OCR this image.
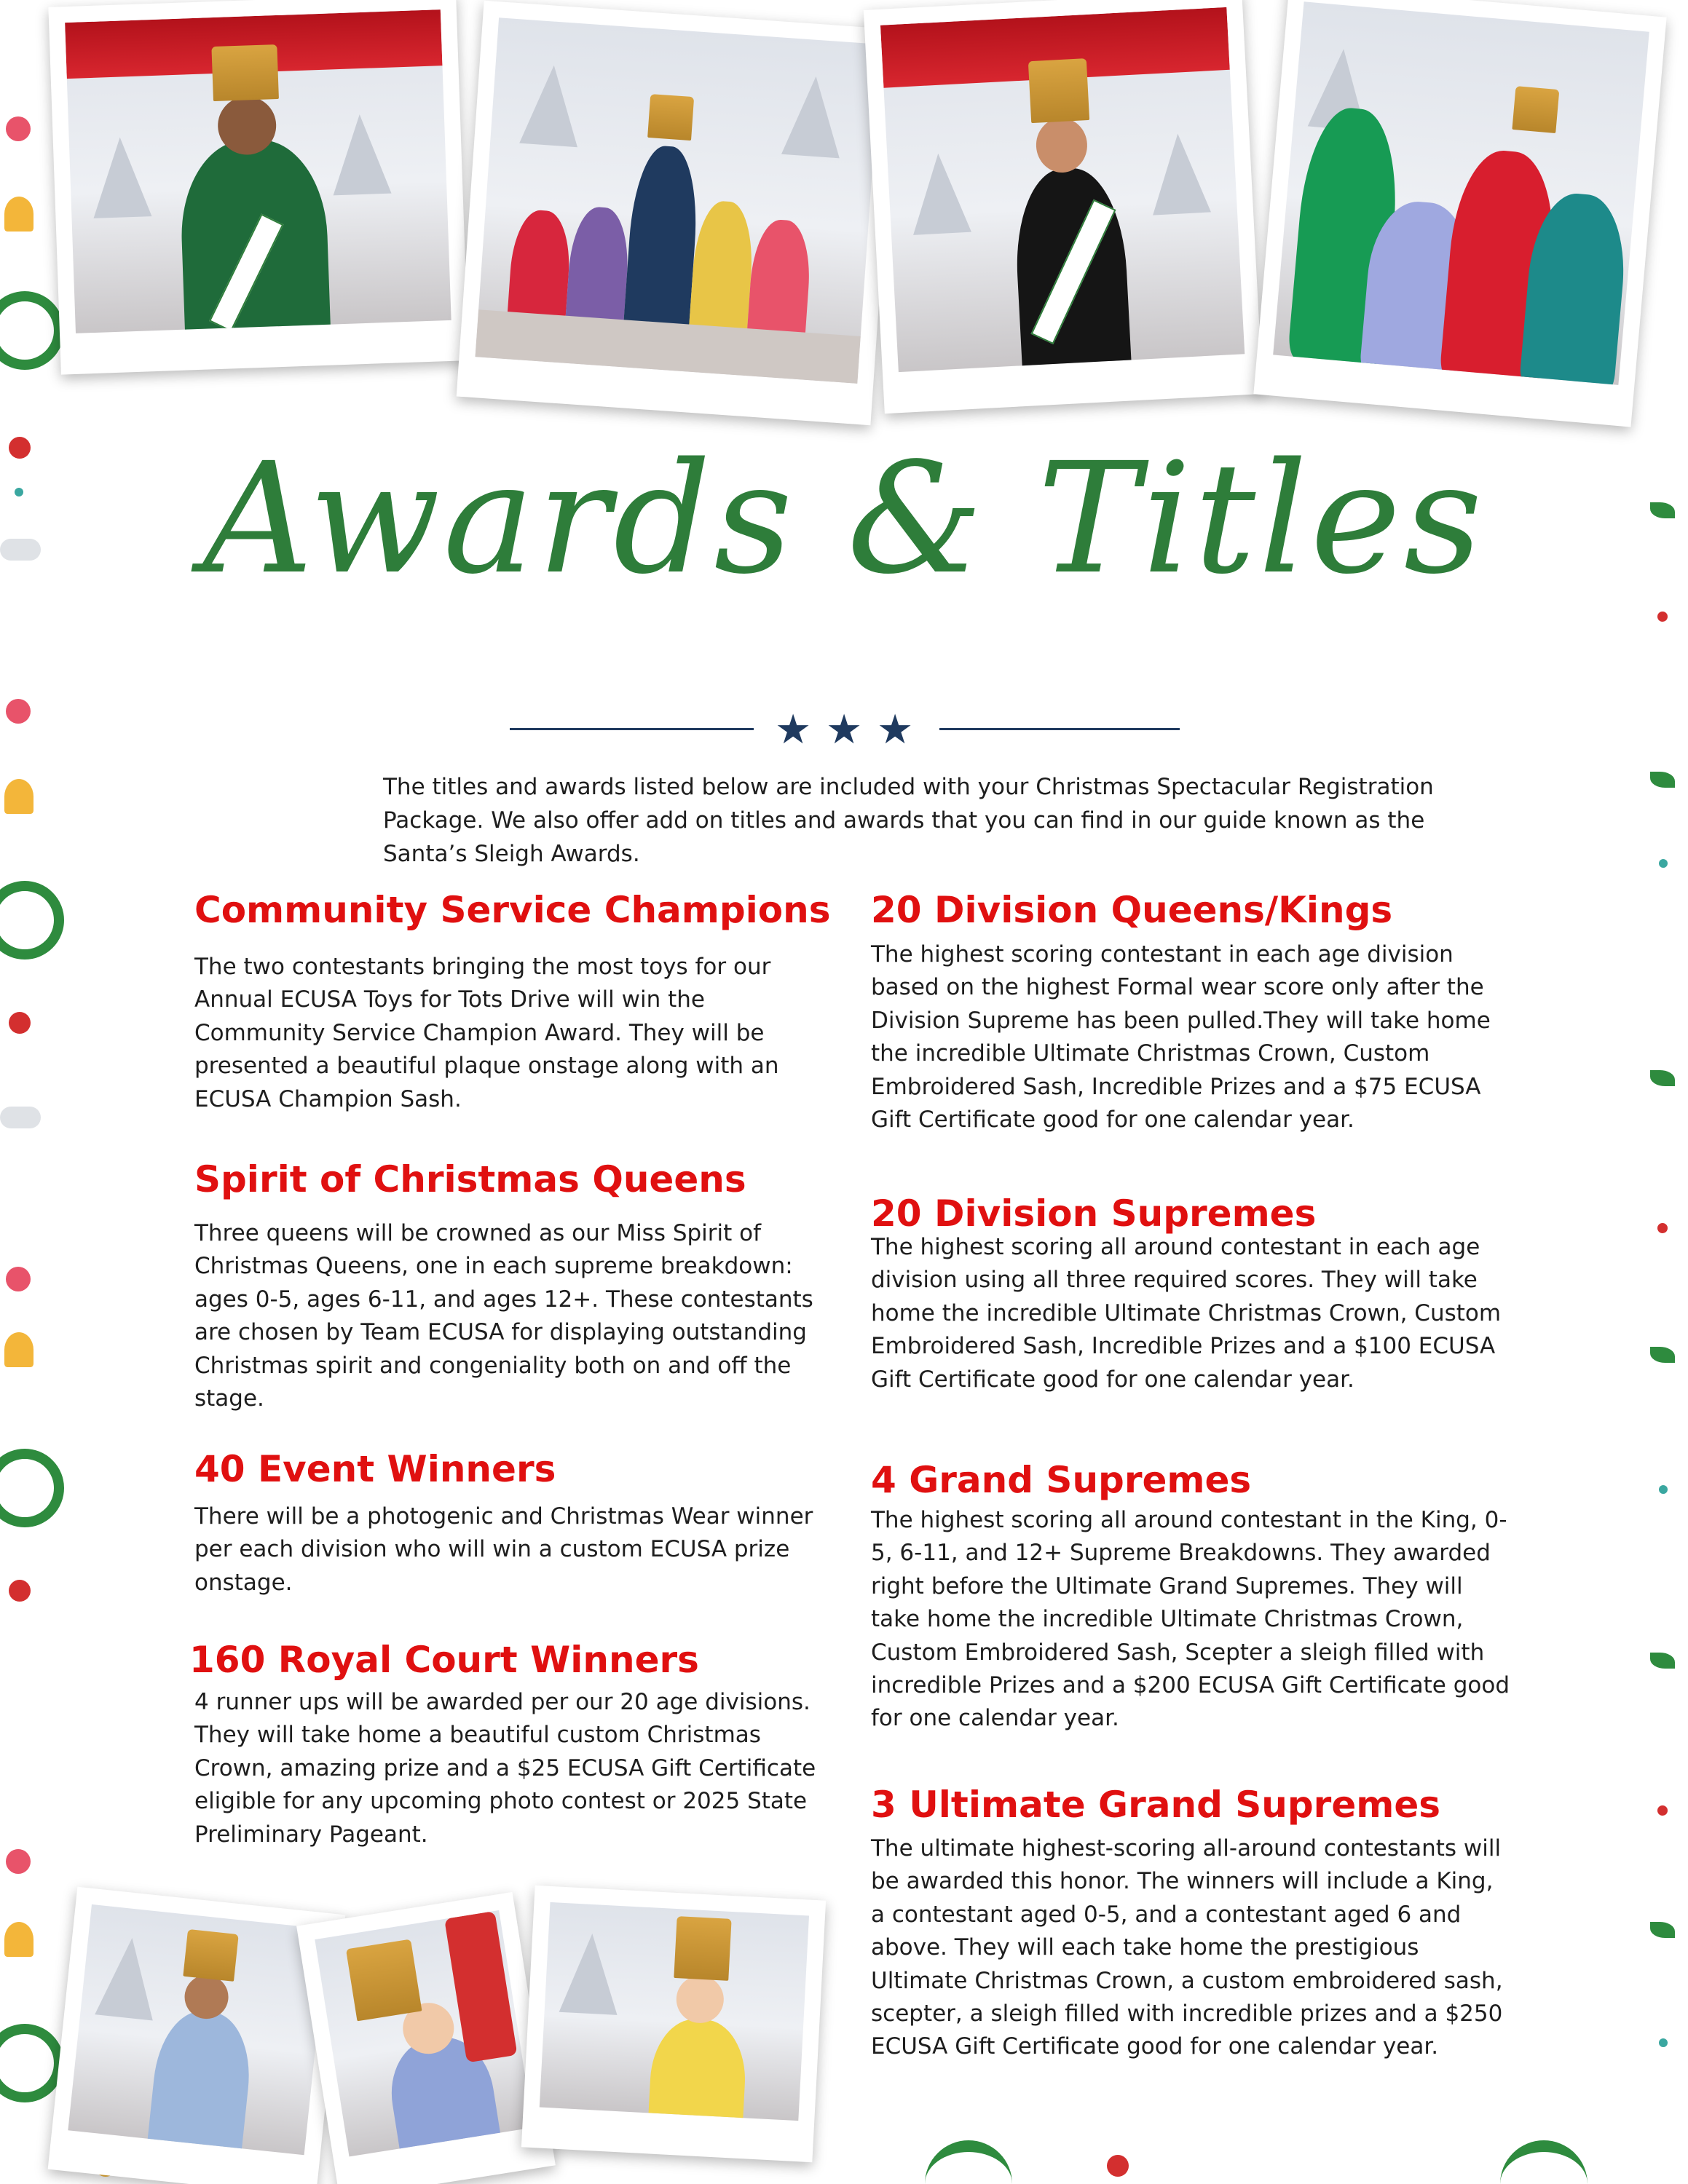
Awards & Titles
★ ★ ★
The titles and awards listed below are included with your Christmas Spectacular Registration Package. We also offer add on titles and awards that you can find in our guide known as the Santa’s Sleigh Awards.
Community Service Champions
The two contestants bringing the most toys for our Annual ECUSA Toys for Tots Drive will win the Community Service Champion Award. They will be presented a beautiful plaque onstage along with an ECUSA Champion Sash.
Spirit of Christmas Queens
Three queens will be crowned as our Miss Spirit of Christmas Queens, one in each supreme breakdown: ages 0-5, ages 6-11, and ages 12+. These contestants are chosen by Team ECUSA for displaying outstanding Christmas spirit and congeniality both on and off the stage.
40 Event Winners
There will be a photogenic and Christmas Wear winner per each division who will win a custom ECUSA prize onstage.
160 Royal Court Winners
4 runner ups will be awarded per our 20 age divisions. They will take home a beautiful custom Christmas Crown, amazing prize and a $25 ECUSA Gift Certificate eligible for any upcoming photo contest or 2025 State Preliminary Pageant.
20 Division Queens/Kings
The highest scoring contestant in each age division based on the highest Formal wear score only after the Division Supreme has been pulled.They will take home the incredible Ultimate Christmas Crown, Custom Embroidered Sash, Incredible Prizes and a $75 ECUSA Gift Certificate good for one calendar year.
20 Division Supremes
The highest scoring all around contestant in each age division using all three required scores. They will take home the incredible Ultimate Christmas Crown, Custom Embroidered Sash, Incredible Prizes and a $100 ECUSA Gift Certificate good for one calendar year.
4 Grand Supremes
The highest scoring all around contestant in the King, 0-5, 6-11, and 12+ Supreme Breakdowns. They awarded right before the Ultimate Grand Supremes. They will take home the incredible Ultimate Christmas Crown, Custom Embroidered Sash, Scepter a sleigh filled with incredible Prizes and a $200 ECUSA Gift Certificate good for one calendar year.
3 Ultimate Grand Supremes
The ultimate highest-scoring all-around contestants will be awarded this honor. The winners will include a King, a contestant aged 0-5, and a contestant aged 6 and above. They will each take home the prestigious Ultimate Christmas Crown, a custom embroidered sash, scepter, a sleigh filled with incredible prizes and a $250 ECUSA Gift Certificate good for one calendar year.
